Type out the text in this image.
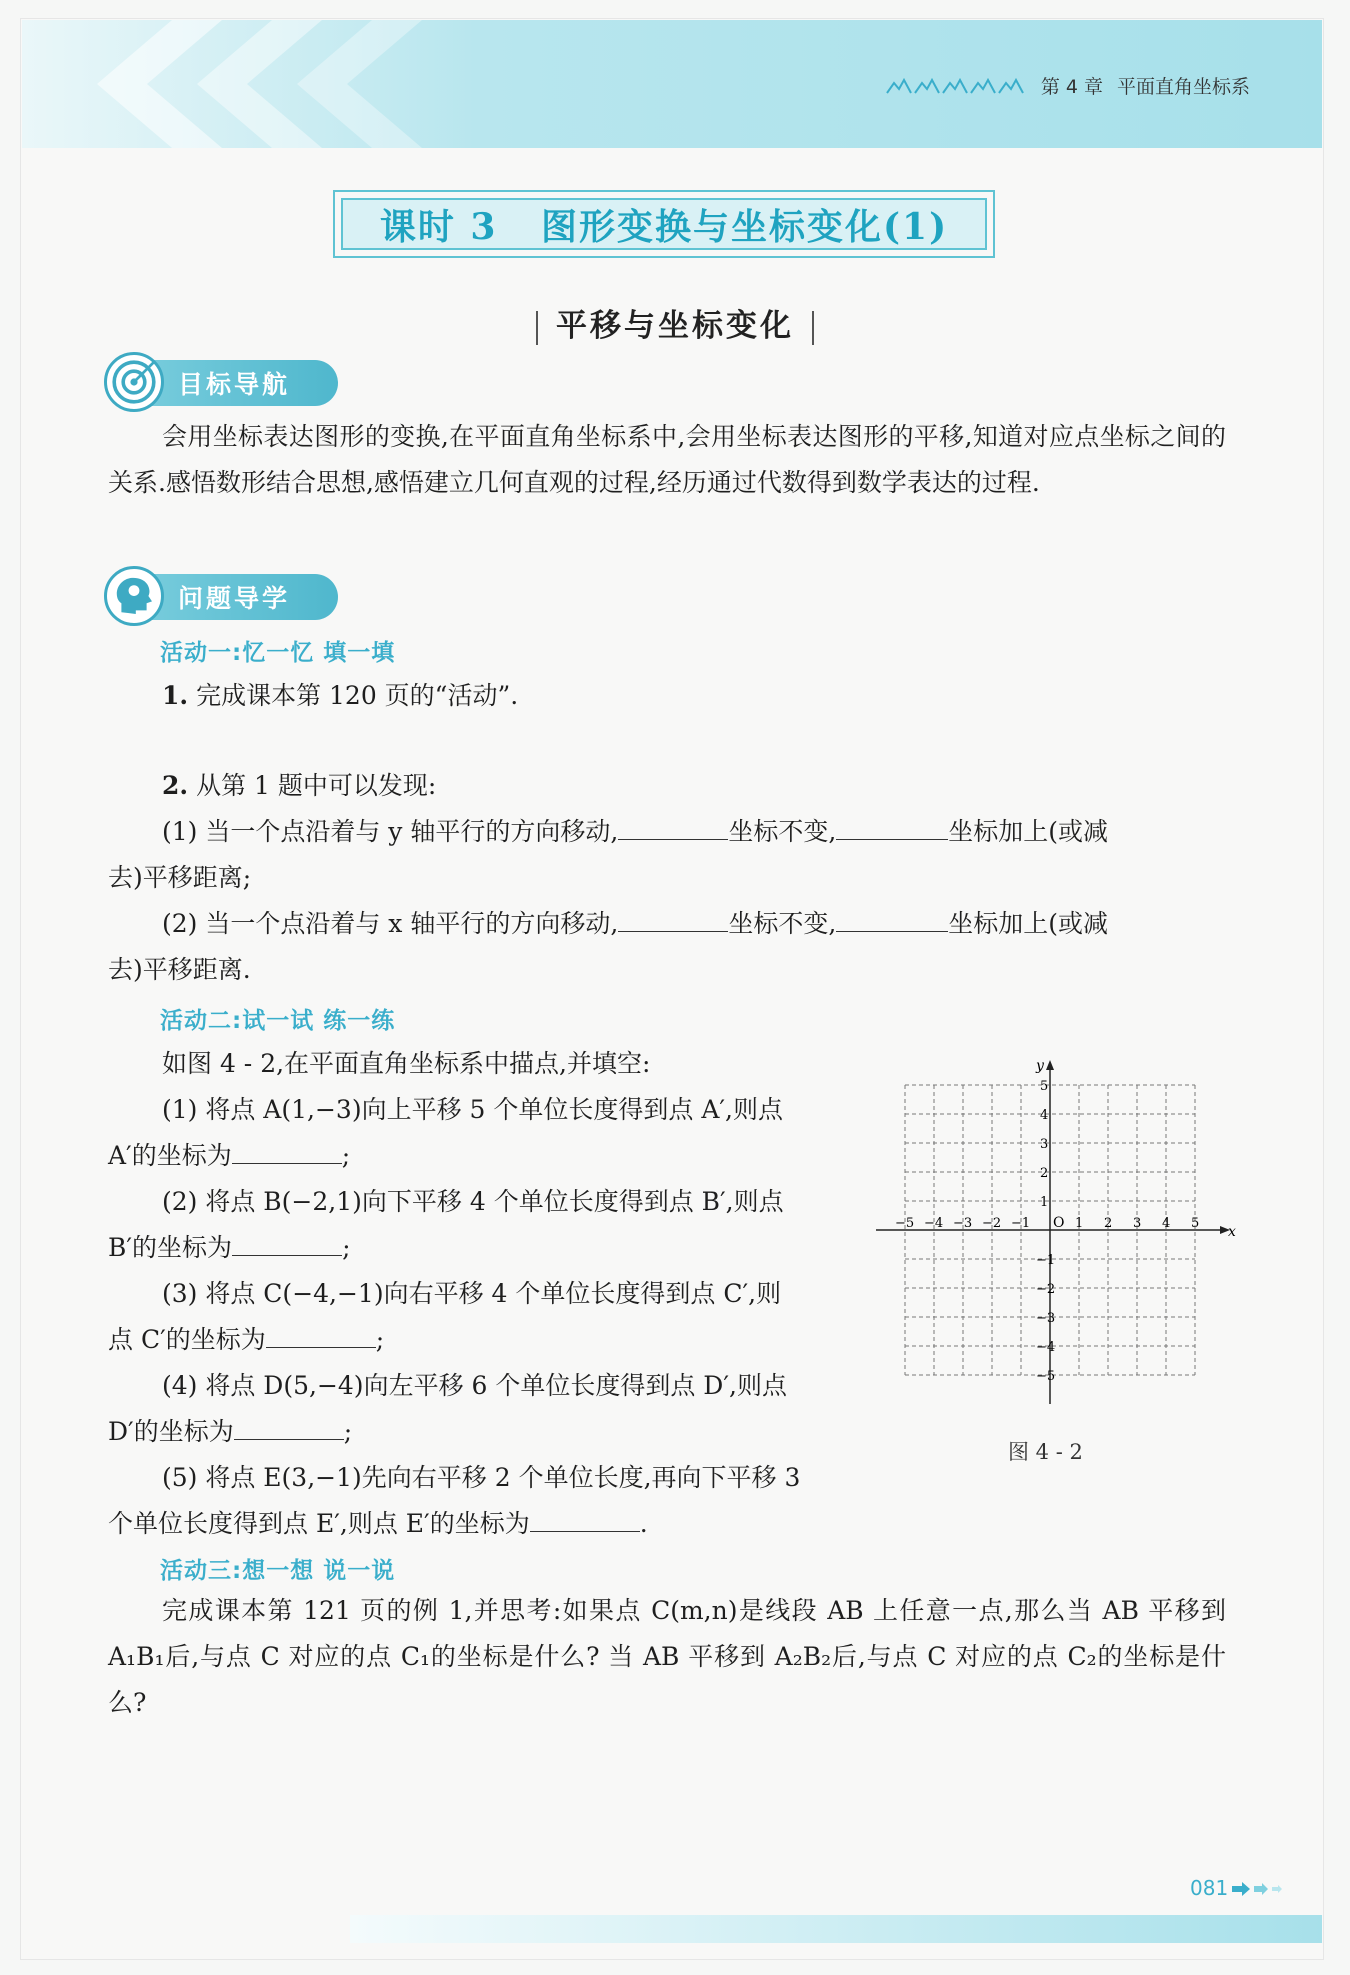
第 4 章 平面直角坐标系
课时 3   图形变换与坐标变化(1)
平移与坐标变化
目标导航
会用坐标表达图形的变换,在平面直角坐标系中,会用坐标表达图形的平移,知道对应点坐标之间的关系.感悟数形结合思想,感悟建立几何直观的过程,经历通过代数得到数学表达的过程.
问题导学
活动一:忆一忆 填一填
1. 完成课本第 120 页的“活动”.
2. 从第 1 题中可以发现:
(1) 当一个点沿着与 y 轴平行的方向移动,	坐标不变,	坐标加上(或减
去)平移距离;
(2) 当一个点沿着与 x 轴平行的方向移动,	坐标不变,	坐标加上(或减
去)平移距离.
活动二:试一试 练一练
如图 4 - 2,在平面直角坐标系中描点,并填空:
(1) 将点 A(1,−3)向上平移 5 个单位长度得到点 A′,则点
A′的坐标为	;
(2) 将点 B(−2,1)向下平移 4 个单位长度得到点 B′,则点
B′的坐标为	;
(3) 将点 C(−4,−1)向右平移 4 个单位长度得到点 C′,则
点 C′的坐标为	;
(4) 将点 D(5,−4)向左平移 6 个单位长度得到点 D′,则点
D′的坐标为	;
(5) 将点 E(3,−1)先向右平移 2 个单位长度,再向下平移 3
个单位长度得到点 E′,则点 E′的坐标为	.
x
y
O
−5 −4 −3 −2 −1	1 2 3 4 5
5
4
3
2
1
−1
−2
−3
−4
−5
图 4 - 2
活动三:想一想 说一说
完成课本第 121 页的例 1,并思考:如果点 C(m,n)是线段 AB 上任意一点,那么当 AB 平移到 A₁B₁后,与点 C 对应的点 C₁的坐标是什么? 当 AB 平移到 A₂B₂后,与点 C 对应的点 C₂的坐标是什么?
081
